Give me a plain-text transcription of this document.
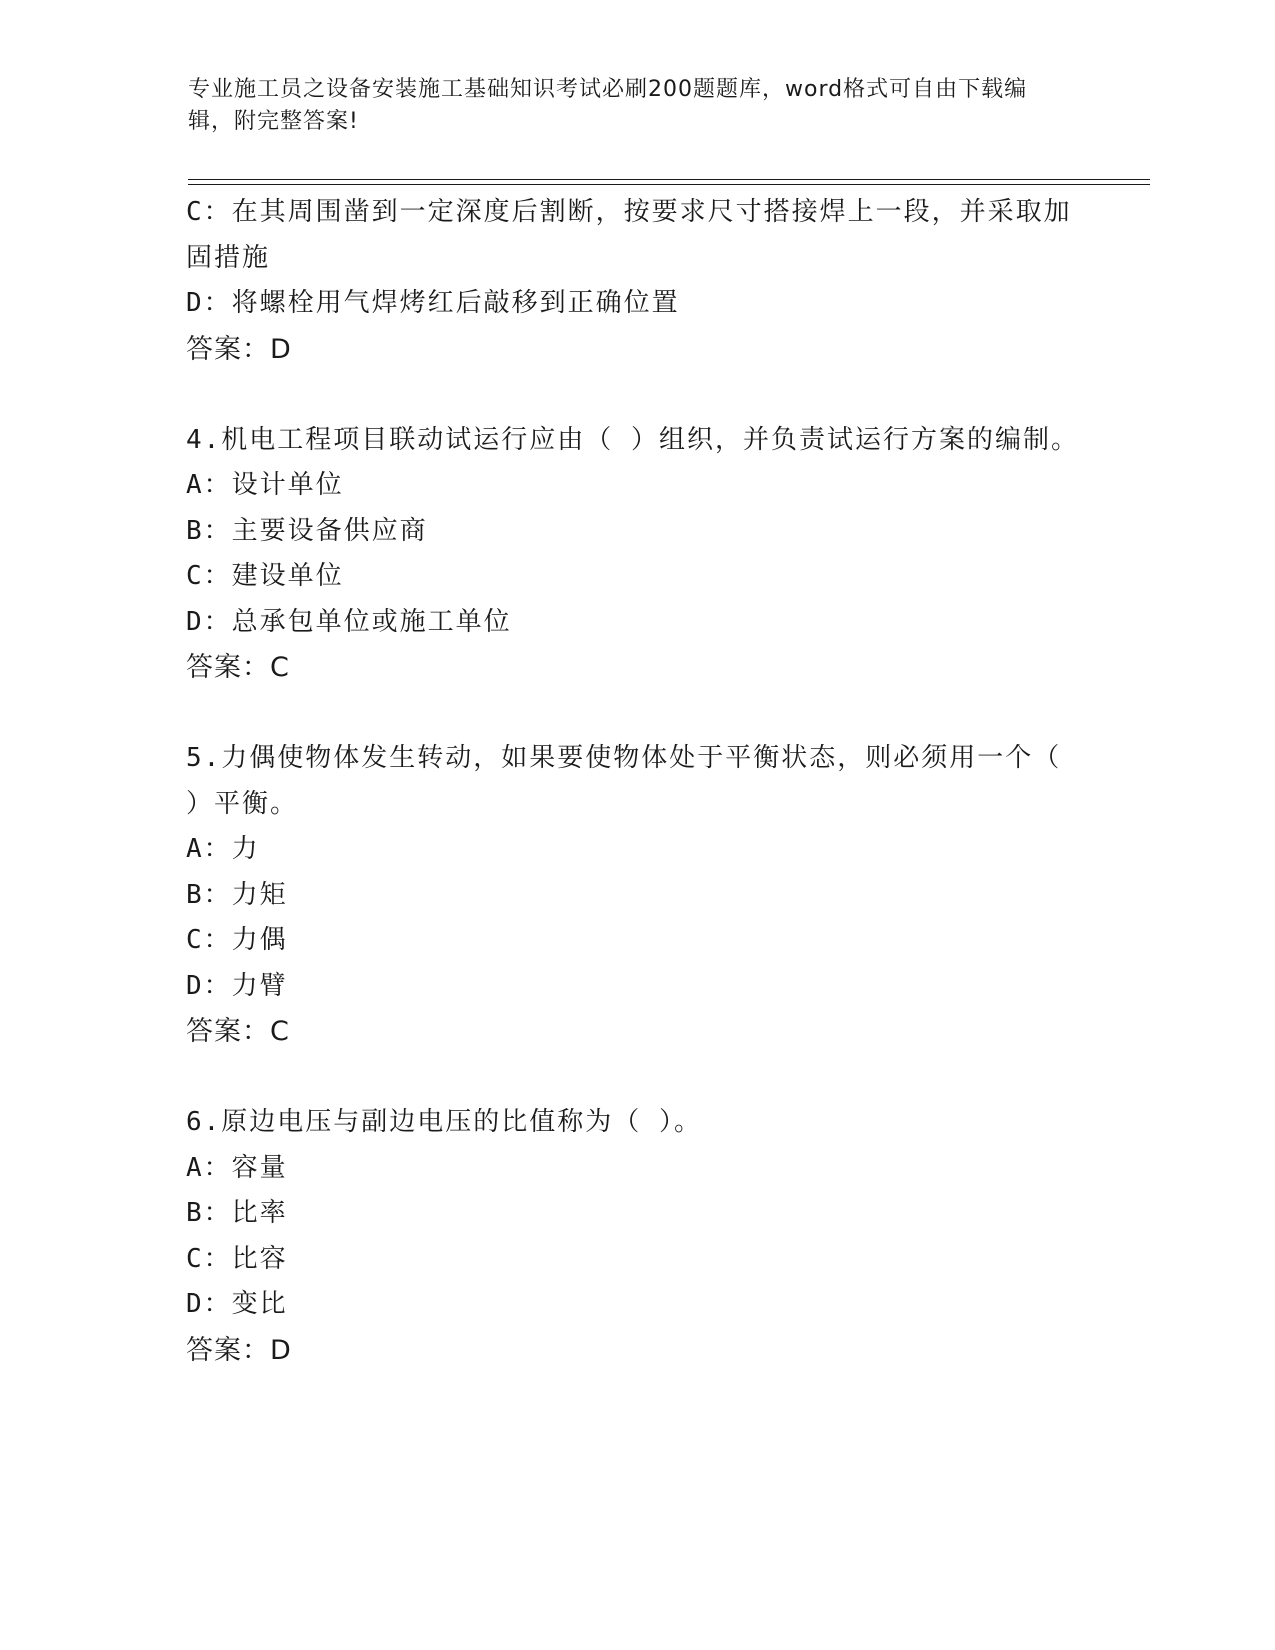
专业施工员之设备安装施工基础知识考试必刷200题题库，word格式可自由下载编辑，附完整答案!
C：在其周围凿到一定深度后割断，按要求尺寸搭接焊上一段，并采取加固措施
D：将螺栓用气焊烤红后敲移到正确位置
答案：D
4.机电工程项目联动试运行应由（ ）组织，并负责试运行方案的编制。
A：设计单位
B：主要设备供应商
C：建设单位
D：总承包单位或施工单位
答案：C
5.力偶使物体发生转动，如果要使物体处于平衡状态，则必须用一个（ ）平衡。
A：力
B：力矩
C：力偶
D：力臂
答案：C
6.原边电压与副边电压的比值称为（ ）。
A：容量
B：比率
C：比容
D：变比
答案：D
